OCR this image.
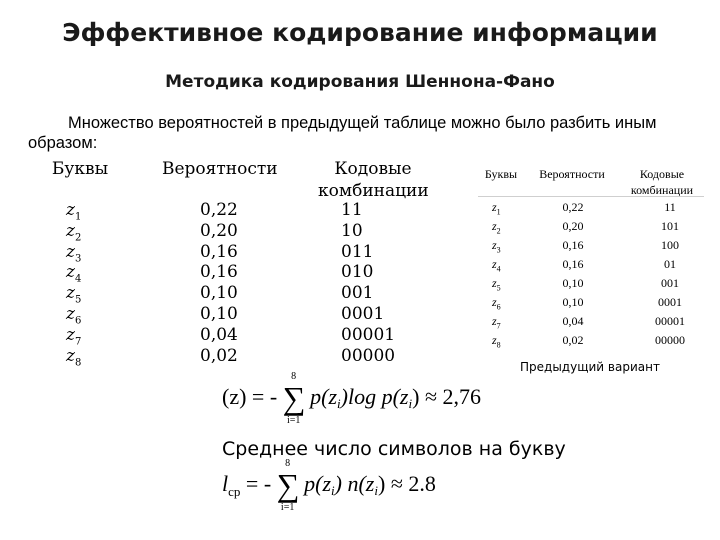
Эффективное кодирование информации
Методика кодирования Шеннона-Фано
Множество вероятностей в предыдущей таблице можно было разбить иным образом:
Буквы	Вероятности	Кодовые
комбинации
$z_1$	0,22	11
$z_2$	0,20	10
$z_3$	0,16	011
$z_4$	0,16	010
$z_5$	0,10	001
$z_6$	0,10	0001
$z_7$	0,04	00001
$z_8$	0,02	00000
Буквы	Вероятности	Кодовые
комбинации
$z_1$	0,22	11
$z_2$	0,20	101
$z_3$	0,16	100
$z_4$	0,16	01
$z_5$	0,10	001
$z_6$	0,10	0001
$z_7$	0,04	00001
$z_8$	0,02	00000
Предыдущий вариант
(z) = -
8
∑
i=1
p(zi)log p(zi) ≈ 2,76
Среднее число символов на букву
$l_{cp}$ = -
8
∑
i=1
p(zi) n(zi) ≈ 2.8
